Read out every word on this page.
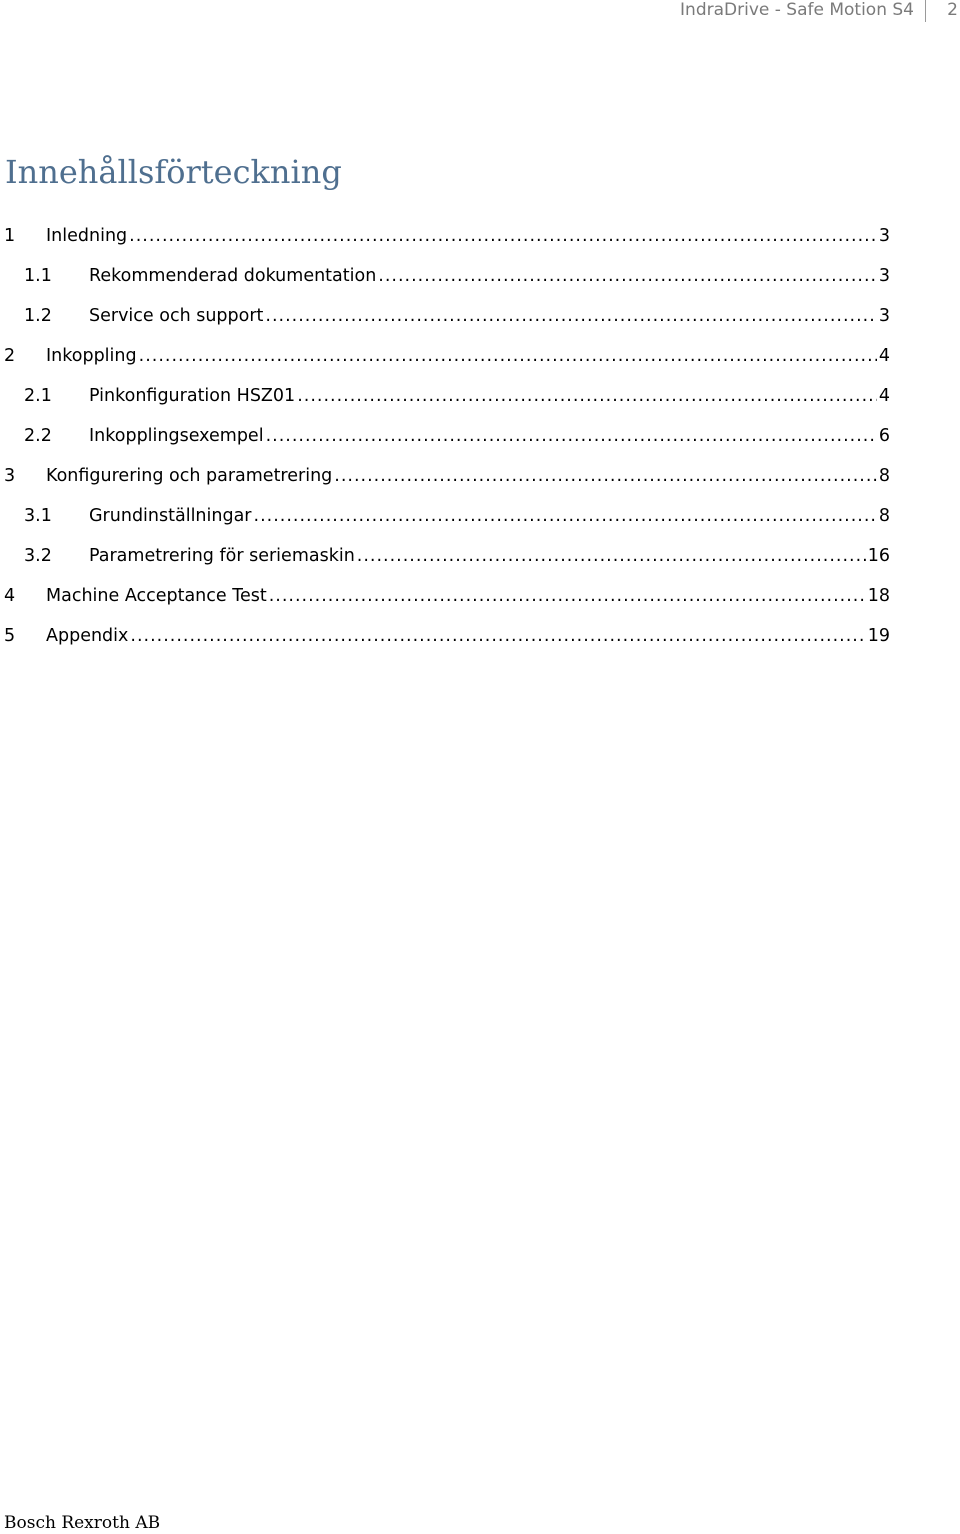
IndraDrive - Safe Motion S4 2
Innehållsförteckning
1	Inledning .....	3
1.1	Rekommenderad dokumentation .....	3
1.2	Service och support .....	3
2	Inkoppling .....	4
2.1	Pinkonfiguration HSZ01 .....	4
2.2	Inkopplingsexempel .....	6
3	Konfigurering och parametrering .....	8
3.1	Grundinställningar .....	8
3.2	Parametrering för seriemaskin .....	16
4	Machine Acceptance Test .....	18
5	Appendix .....	19
Bosch Rexroth AB
